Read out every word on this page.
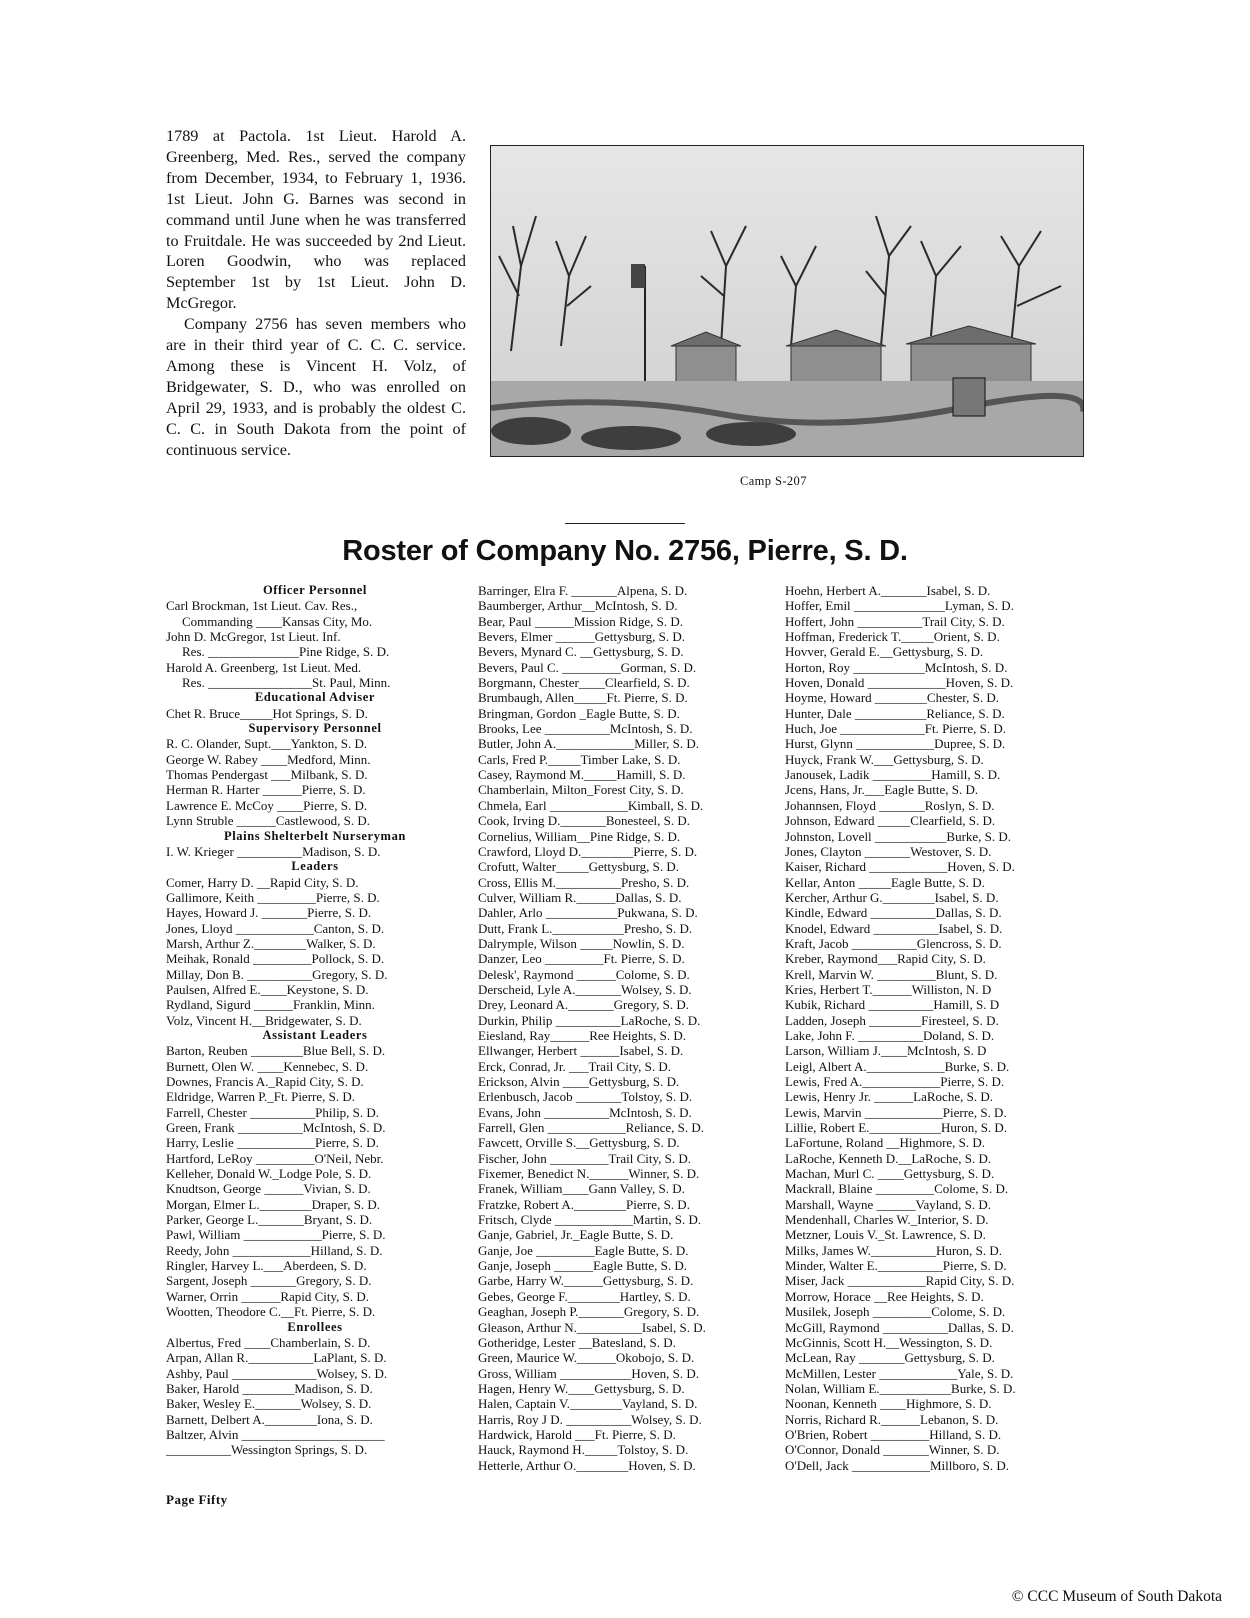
1789 at Pactola. 1st Lieut. Harold A. Greenberg, Med. Res., served the company from December, 1934, to February 1, 1936. 1st Lieut. John G. Barnes was second in command until June when he was transferred to Fruitdale. He was succeeded by 2nd Lieut. Loren Goodwin, who was replaced September 1st by 1st Lieut. John D. McGregor.

Company 2756 has seven members who are in their third year of C. C. C. service. Among these is Vincent H. Volz, of Bridgewater, S. D., who was enrolled on April 29, 1933, and is probably the oldest C. C. C. in South Dakota from the point of continuous service.

Camp S-207
Roster of Company No. 2756, Pierre, S. D.
Officer Personnel
Carl Brockman, 1st Lieut. Cav. Res.,
Commanding ____Kansas City, Mo.
John D. McGregor, 1st Lieut. Inf.
Res. ______________Pine Ridge, S. D.
Harold A. Greenberg, 1st Lieut. Med.
Res. ________________St. Paul, Minn.
Educational Adviser
Chet R. Bruce_____Hot Springs, S. D.
Supervisory Personnel
R. C. Olander, Supt.___Yankton, S. D.
George W. Rabey ____Medford, Minn.
Thomas Pendergast ___Milbank, S. D.
Herman R. Harter ______Pierre, S. D.
Lawrence E. McCoy ____Pierre, S. D.
Lynn Struble ______Castlewood, S. D.
Plains Shelterbelt Nurseryman
I. W. Krieger __________Madison, S. D.
Leaders
Comer, Harry D. __Rapid City, S. D.
Gallimore, Keith _________Pierre, S. D.
Hayes, Howard J. _______Pierre, S. D.
Jones, Lloyd ____________Canton, S. D.
Marsh, Arthur Z.________Walker, S. D.
Meihak, Ronald _________Pollock, S. D.
Millay, Don B. __________Gregory, S. D.
Paulsen, Alfred E.____Keystone, S. D.
Rydland, Sigurd ______Franklin, Minn.
Volz, Vincent H.__Bridgewater, S. D.
Assistant Leaders
Barton, Reuben ________Blue Bell, S. D.
Burnett, Olen W. ____Kennebec, S. D.
Downes, Francis A._Rapid City, S. D.
Eldridge, Warren P._Ft. Pierre, S. D.
Farrell, Chester __________Philip, S. D.
Green, Frank __________McIntosh, S. D.
Harry, Leslie ____________Pierre, S. D.
Hartford, LeRoy _________O'Neil, Nebr.
Kelleher, Donald W._Lodge Pole, S. D.
Knudtson, George ______Vivian, S. D.
Morgan, Elmer L.________Draper, S. D.
Parker, George L._______Bryant, S. D.
Pawl, William ____________Pierre, S. D.
Reedy, John ____________Hilland, S. D.
Ringler, Harvey L.___Aberdeen, S. D.
Sargent, Joseph _______Gregory, S. D.
Warner, Orrin ______Rapid City, S. D.
Wootten, Theodore C.__Ft. Pierre, S. D.
Enrollees
Albertus, Fred ____Chamberlain, S. D.
Arpan, Allan R.__________LaPlant, S. D.
Ashby, Paul _____________Wolsey, S. D.
Baker, Harold ________Madison, S. D.
Baker, Wesley E._______Wolsey, S. D.
Barnett, Delbert A.________Iona, S. D.
Baltzer, Alvin ______________________
__________Wessington Springs, S. D.
Barringer, Elra F. _______Alpena, S. D.
Baumberger, Arthur__McIntosh, S. D.
Bear, Paul ______Mission Ridge, S. D.
Bevers, Elmer ______Gettysburg, S. D.
Bevers, Mynard C. __Gettysburg, S. D.
Bevers, Paul C. _________Gorman, S. D.
Borgmann, Chester____Clearfield, S. D.
Brumbaugh, Allen_____Ft. Pierre, S. D.
Bringman, Gordon _Eagle Butte, S. D.
Brooks, Lee __________McIntosh, S. D.
Butler, John A.____________Miller, S. D.
Carls, Fred P._____Timber Lake, S. D.
Casey, Raymond M._____Hamill, S. D.
Chamberlain, Milton_Forest City, S. D.
Chmela, Earl ____________Kimball, S. D.
Cook, Irving D._______Bonesteel, S. D.
Cornelius, William__Pine Ridge, S. D.
Crawford, Lloyd D.________Pierre, S. D.
Crofutt, Walter_____Gettysburg, S. D.
Cross, Ellis M.__________Presho, S. D.
Culver, William R.______Dallas, S. D.
Dahler, Arlo ___________Pukwana, S. D.
Dutt, Frank L.___________Presho, S. D.
Dalrymple, Wilson _____Nowlin, S. D.
Danzer, Leo _________Ft. Pierre, S. D.
Delesk', Raymond ______Colome, S. D.
Derscheid, Lyle A._______Wolsey, S. D.
Drey, Leonard A._______Gregory, S. D.
Durkin, Philip __________LaRoche, S. D.
Eiesland, Ray______Ree Heights, S. D.
Ellwanger, Herbert ______Isabel, S. D.
Erck, Conrad, Jr. ___Trail City, S. D.
Erickson, Alvin ____Gettysburg, S. D.
Erlenbusch, Jacob _______Tolstoy, S. D.
Evans, John __________McIntosh, S. D.
Farrell, Glen ____________Reliance, S. D.
Fawcett, Orville S.__Gettysburg, S. D.
Fischer, John _________Trail City, S. D.
Fixemer, Benedict N.______Winner, S. D.
Franek, William____Gann Valley, S. D.
Fratzke, Robert A.________Pierre, S. D.
Fritsch, Clyde ____________Martin, S. D.
Ganje, Gabriel, Jr._Eagle Butte, S. D.
Ganje, Joe _________Eagle Butte, S. D.
Ganje, Joseph ______Eagle Butte, S. D.
Garbe, Harry W.______Gettysburg, S. D.
Gebes, George F.________Hartley, S. D.
Geaghan, Joseph P._______Gregory, S. D.
Gleason, Arthur N.__________Isabel, S. D.
Gotheridge, Lester __Batesland, S. D.
Green, Maurice W.______Okobojo, S. D.
Gross, William ___________Hoven, S. D.
Hagen, Henry W.____Gettysburg, S. D.
Halen, Captain V.________Vayland, S. D.
Harris, Roy J D. __________Wolsey, S. D.
Hardwick, Harold ___Ft. Pierre, S. D.
Hauck, Raymond H._____Tolstoy, S. D.
Hetterle, Arthur O.________Hoven, S. D.
Hoehn, Herbert A._______Isabel, S. D.
Hoffer, Emil ______________Lyman, S. D.
Hoffert, John __________Trail City, S. D.
Hoffman, Frederick T._____Orient, S. D.
Hovver, Gerald E.__Gettysburg, S. D.
Horton, Roy ___________McIntosh, S. D.
Hoven, Donald ____________Hoven, S. D.
Hoyme, Howard ________Chester, S. D.
Hunter, Dale ___________Reliance, S. D.
Huch, Joe _____________Ft. Pierre, S. D.
Hurst, Glynn ____________Dupree, S. D.
Huyck, Frank W.___Gettysburg, S. D.
Janousek, Ladik _________Hamill, S. D.
Jcens, Hans, Jr.___Eagle Butte, S. D.
Johannsen, Floyd _______Roslyn, S. D.
Johnson, Edward _____Clearfield, S. D.
Johnston, Lovell ___________Burke, S. D.
Jones, Clayton _______Westover, S. D.
Kaiser, Richard ____________Hoven, S. D.
Kellar, Anton _____Eagle Butte, S. D.
Kercher, Arthur G.________Isabel, S. D.
Kindle, Edward __________Dallas, S. D.
Knodel, Edward __________Isabel, S. D.
Kraft, Jacob __________Glencross, S. D.
Kreber, Raymond___Rapid City, S. D.
Krell, Marvin W. _________Blunt, S. D.
Kries, Herbert T.______Williston, N. D
Kubik, Richard __________Hamill, S. D
Ladden, Joseph ________Firesteel, S. D.
Lake, John F. __________Doland, S. D.
Larson, William J.____McIntosh, S. D
Leigl, Albert A.____________Burke, S. D.
Lewis, Fred A.____________Pierre, S. D.
Lewis, Henry Jr. ______LaRoche, S. D.
Lewis, Marvin ____________Pierre, S. D.
Lillie, Robert E.___________Huron, S. D.
LaFortune, Roland __Highmore, S. D.
LaRoche, Kenneth D.__LaRoche, S. D.
Machan, Murl C. ____Gettysburg, S. D.
Mackrall, Blaine _________Colome, S. D.
Marshall, Wayne ______Vayland, S. D.
Mendenhall, Charles W._Interior, S. D.
Metzner, Louis V._St. Lawrence, S. D.
Milks, James W.__________Huron, S. D.
Minder, Walter E.__________Pierre, S. D.
Miser, Jack ____________Rapid City, S. D.
Morrow, Horace __Ree Heights, S. D.
Musilek, Joseph _________Colome, S. D.
McGill, Raymond __________Dallas, S. D.
McGinnis, Scott H.__Wessington, S. D.
McLean, Ray _______Gettysburg, S. D.
McMillen, Lester ____________Yale, S. D.
Nolan, William E.___________Burke, S. D.
Noonan, Kenneth ____Highmore, S. D.
Norris, Richard R.______Lebanon, S. D.
O'Brien, Robert _________Hilland, S. D.
O'Connor, Donald _______Winner, S. D.
O'Dell, Jack ____________Millboro, S. D.
Page Fifty
© CCC Museum of South Dakota
